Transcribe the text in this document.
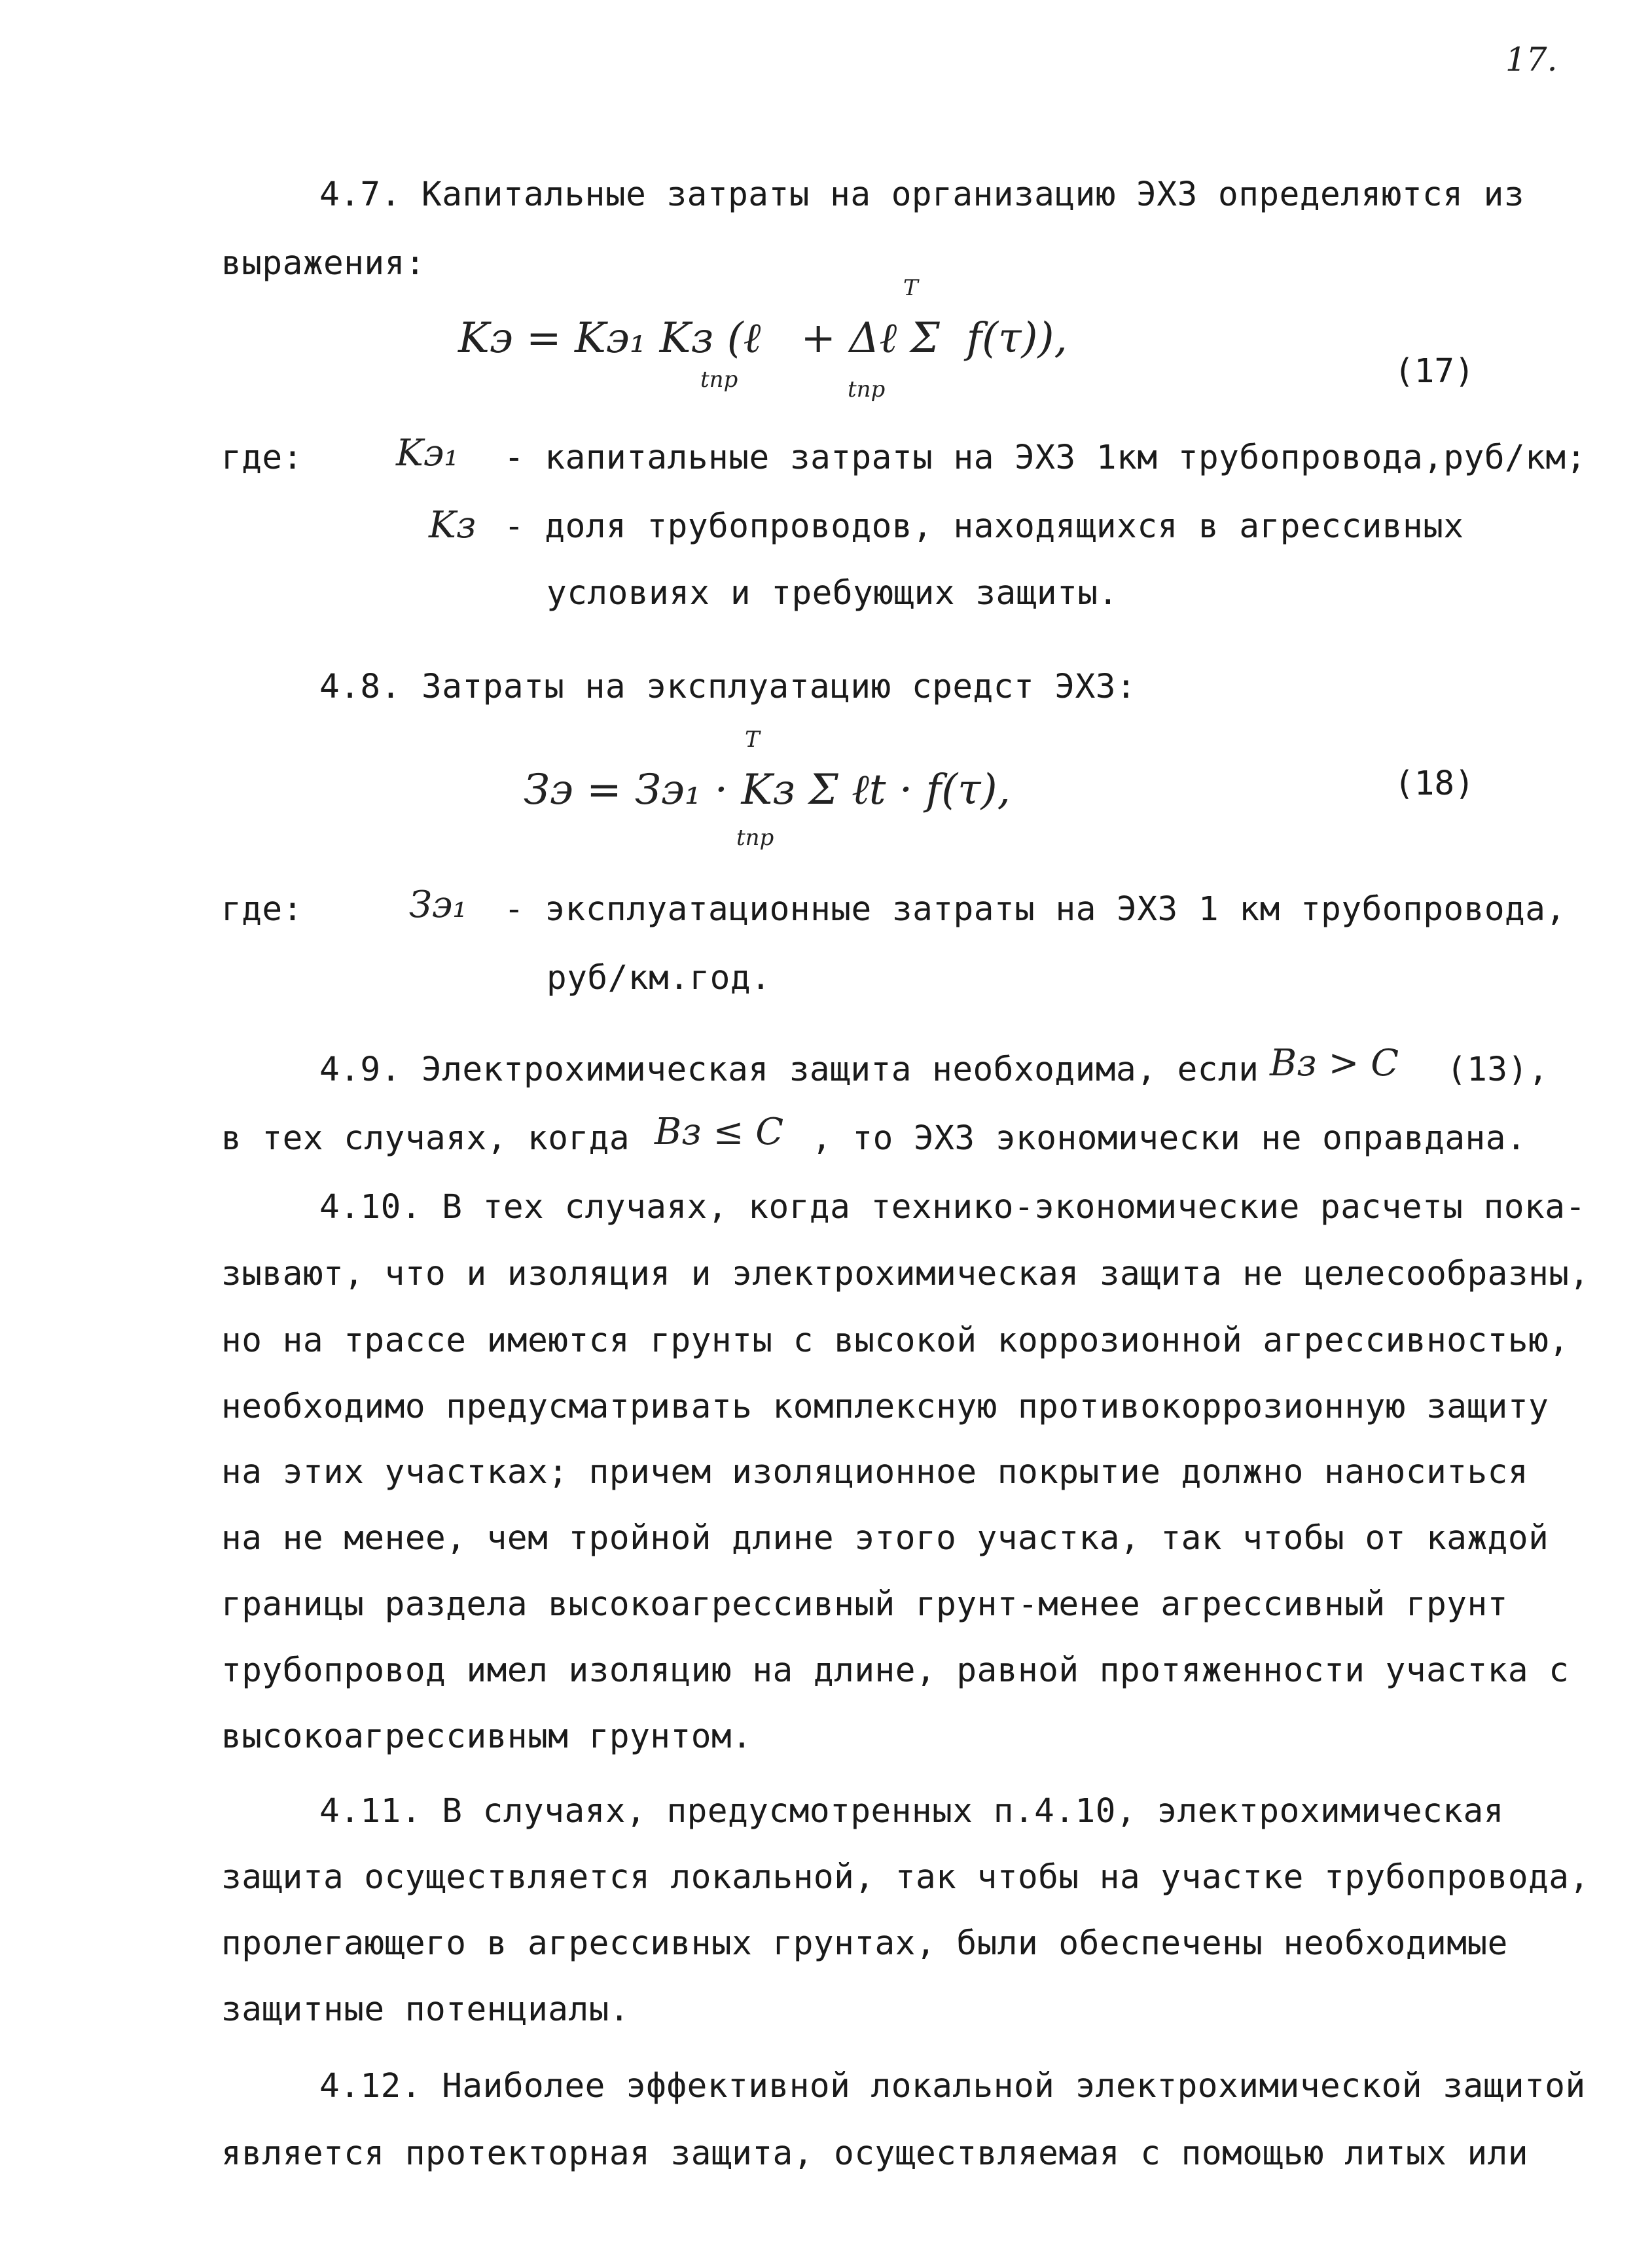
17.
4.7. Капитальные затраты на организацию ЭХЗ определяются из
выражения:
T
Kэ = Kэ₁ Kз (ℓ   + Δℓ Σ  f(τ)),
tпр	tпр	(17)
где:	Kэ₁ - капитальные затраты на ЭХЗ 1км трубопровода,руб/км;
Kз - доля трубопроводов, находящихся в агрессивных
условиях и требующих защиты.
4.8. Затраты на эксплуатацию средст ЭХЗ:
T
Зэ = Зэ₁ · Kз Σ ℓt · f(τ),
tпр
(18)
где:	Зэ₁ - эксплуатационные затраты на ЭХЗ 1 км трубопровода,
руб/км.год.
4.9. Электрохимическая защита необходима, если Bз > C (13),
в тех случаях, когда Bз ≤ C , то ЭХЗ экономически не оправдана.
4.10. В тех случаях, когда технико-экономические расчеты пока-
зывают, что и изоляция и электрохимическая защита не целесообразны,
но на трассе имеются грунты с высокой коррозионной агрессивностью,
необходимо предусматривать комплексную противокоррозионную защиту
на этих участках; причем изоляционное покрытие должно наноситься
на не менее, чем тройной длине этого участка, так чтобы от каждой
границы раздела высокоагрессивный грунт-менее агрессивный грунт
трубопровод имел изоляцию на длине, равной протяженности участка с
высокоагрессивным грунтом.
4.11. В случаях, предусмотренных п.4.10, электрохимическая
защита осуществляется локальной, так чтобы на участке трубопровода,
пролегающего в агрессивных грунтах, были обеспечены необходимые
защитные потенциалы.
4.12. Наиболее эффективной локальной электрохимической защитой
является протекторная защита, осуществляемая с помощью литых или
